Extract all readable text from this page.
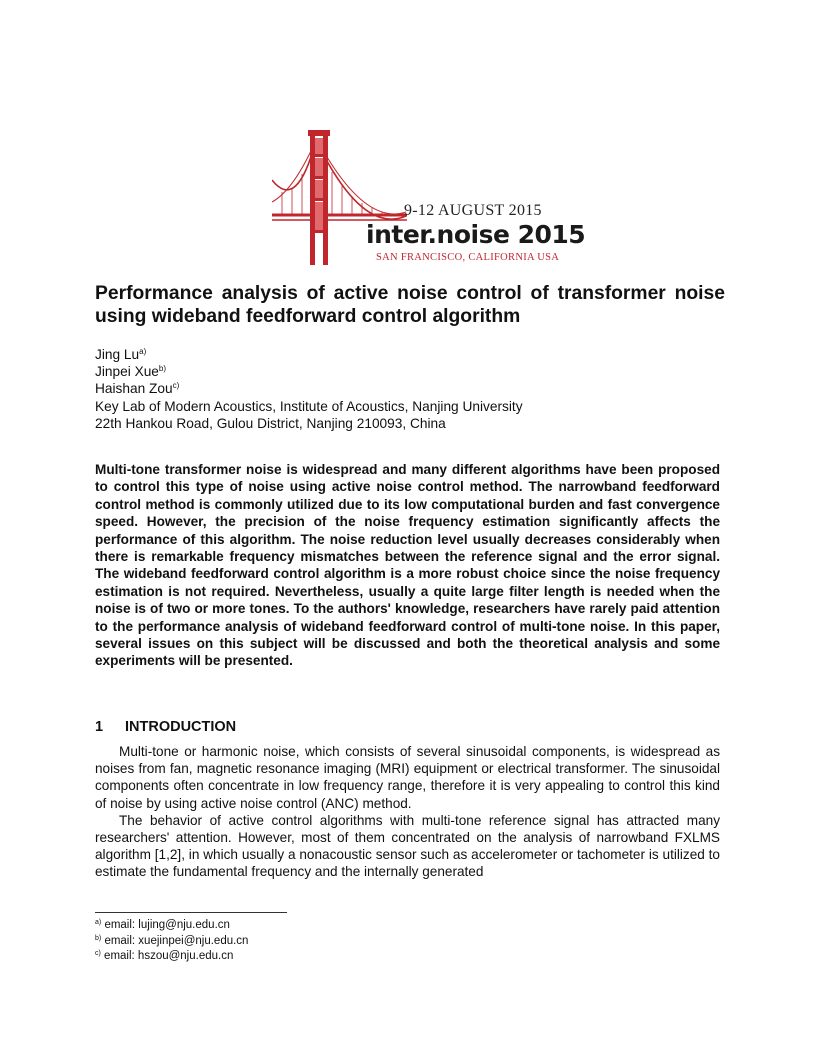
9-12 AUGUST 2015
inter.noise 2015
SAN FRANCISCO, CALIFORNIA USA
Performance analysis of active noise control of transformer noise using wideband feedforward control algorithm
Jing Lu$^{a)}$
Jinpei Xue$^{b)}$
Haishan Zou$^{c)}$
Key Lab of Modern Acoustics, Institute of Acoustics, Nanjing University
22th Hankou Road, Gulou District, Nanjing 210093, China
Multi-tone transformer noise is widespread and many different algorithms have been proposed to control this type of noise using active noise control method. The narrowband feedforward control method is commonly utilized due to its low computational burden and fast convergence speed. However, the precision of the noise frequency estimation significantly affects the performance of this algorithm. The noise reduction level usually decreases considerably when there is remarkable frequency mismatches between the reference signal and the error signal. The wideband feedforward control algorithm is a more robust choice since the noise frequency estimation is not required. Nevertheless, usually a quite large filter length is needed when the noise is of two or more tones. To the authors' knowledge, researchers have rarely paid attention to the performance analysis of wideband feedforward control of multi-tone noise. In this paper, several issues on this subject will be discussed and both the theoretical analysis and some experiments will be presented.
1 INTRODUCTION

Multi-tone or harmonic noise, which consists of several sinusoidal components, is widespread as noises from fan, magnetic resonance imaging (MRI) equipment or electrical transformer. The sinusoidal components often concentrate in low frequency range, therefore it is very appealing to control this kind of noise by using active noise control (ANC) method.

The behavior of active control algorithms with multi-tone reference signal has attracted many researchers' attention. However, most of them concentrated on the analysis of narrowband FXLMS algorithm [1,2], in which usually a nonacoustic sensor such as accelerometer or tachometer is utilized to estimate the fundamental frequency and the internally generated

$^{a)}$ email: lujing@nju.edu.cn
$^{b)}$ email: xuejinpei@nju.edu.cn
$^{c)}$ email: hszou@nju.edu.cn
